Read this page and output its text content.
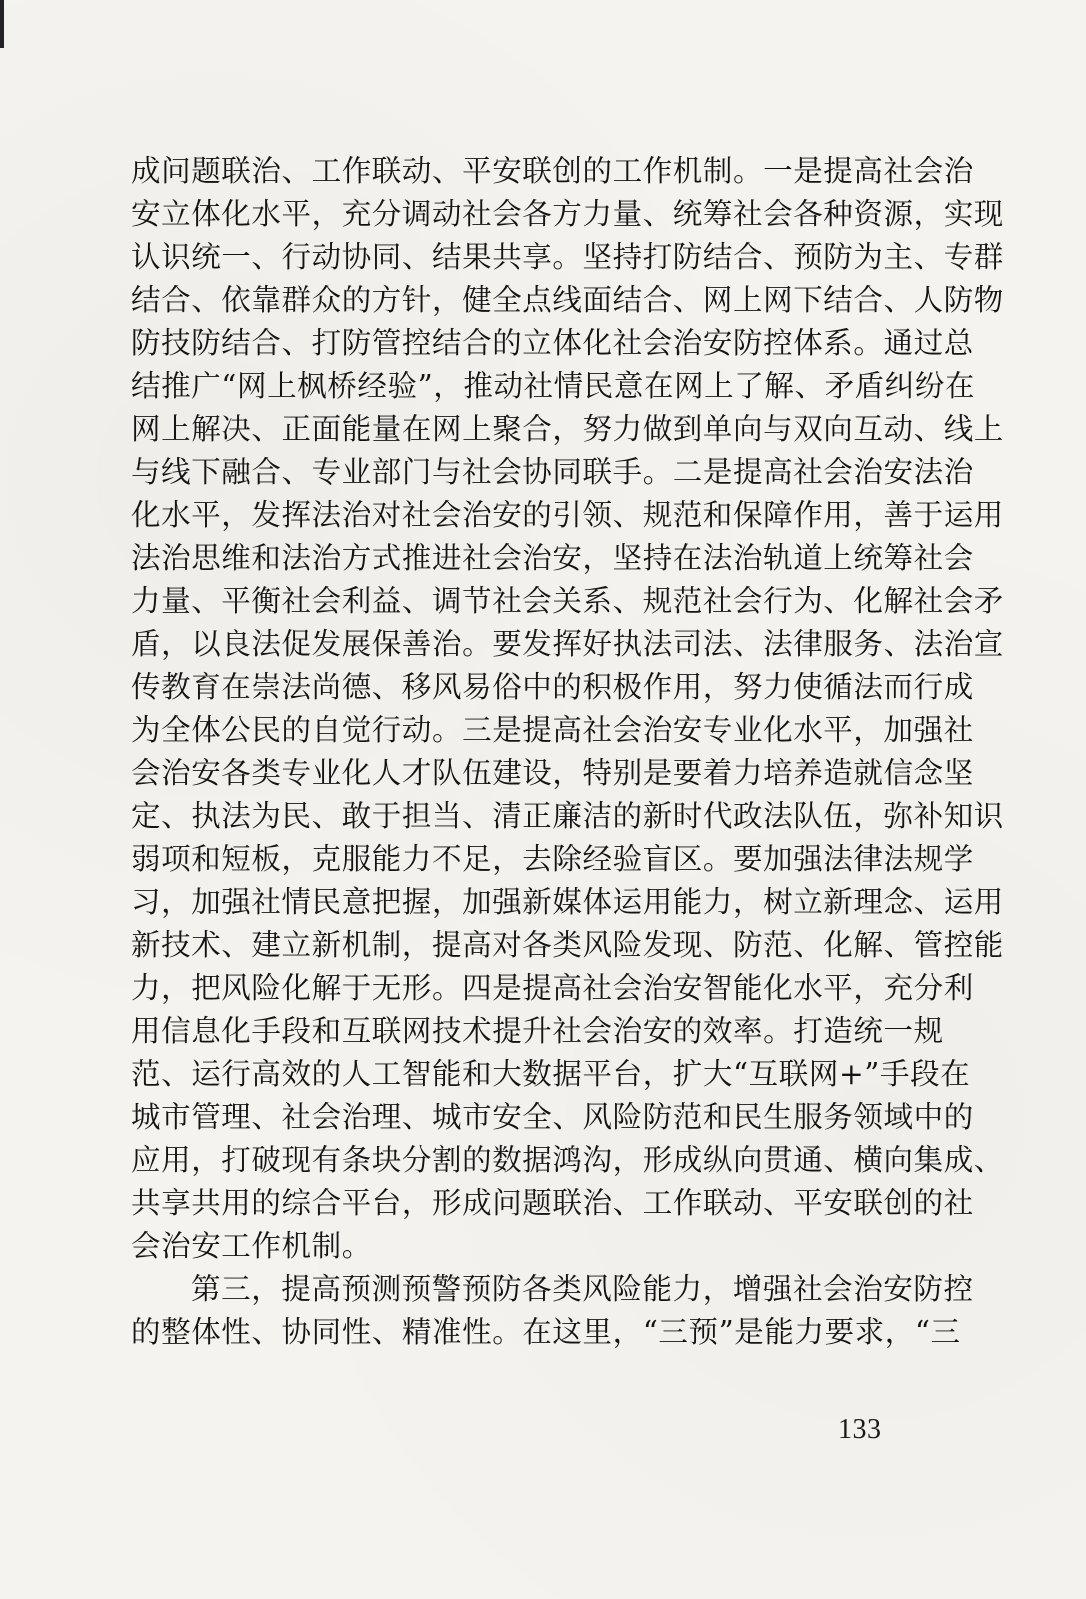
成问题联治、工作联动、平安联创的工作机制。一是提高社会治
安立体化水平，充分调动社会各方力量、统筹社会各种资源，实现
认识统一、行动协同、结果共享。坚持打防结合、预防为主、专群
结合、依靠群众的方针，健全点线面结合、网上网下结合、人防物
防技防结合、打防管控结合的立体化社会治安防控体系。通过总
结推广“网上枫桥经验”，推动社情民意在网上了解、矛盾纠纷在
网上解决、正面能量在网上聚合，努力做到单向与双向互动、线上
与线下融合、专业部门与社会协同联手。二是提高社会治安法治
化水平，发挥法治对社会治安的引领、规范和保障作用，善于运用
法治思维和法治方式推进社会治安，坚持在法治轨道上统筹社会
力量、平衡社会利益、调节社会关系、规范社会行为、化解社会矛
盾，以良法促发展保善治。要发挥好执法司法、法律服务、法治宣
传教育在崇法尚德、移风易俗中的积极作用，努力使循法而行成
为全体公民的自觉行动。三是提高社会治安专业化水平，加强社
会治安各类专业化人才队伍建设，特别是要着力培养造就信念坚
定、执法为民、敢于担当、清正廉洁的新时代政法队伍，弥补知识
弱项和短板，克服能力不足，去除经验盲区。要加强法律法规学
习，加强社情民意把握，加强新媒体运用能力，树立新理念、运用
新技术、建立新机制，提高对各类风险发现、防范、化解、管控能
力，把风险化解于无形。四是提高社会治安智能化水平，充分利
用信息化手段和互联网技术提升社会治安的效率。打造统一规
范、运行高效的人工智能和大数据平台，扩大“互联网+”手段在
城市管理、社会治理、城市安全、风险防范和民生服务领域中的
应用，打破现有条块分割的数据鸿沟，形成纵向贯通、横向集成、
共享共用的综合平台，形成问题联治、工作联动、平安联创的社
会治安工作机制。
第三，提高预测预警预防各类风险能力，增强社会治安防控
的整体性、协同性、精准性。在这里，“三预”是能力要求，“三
133
